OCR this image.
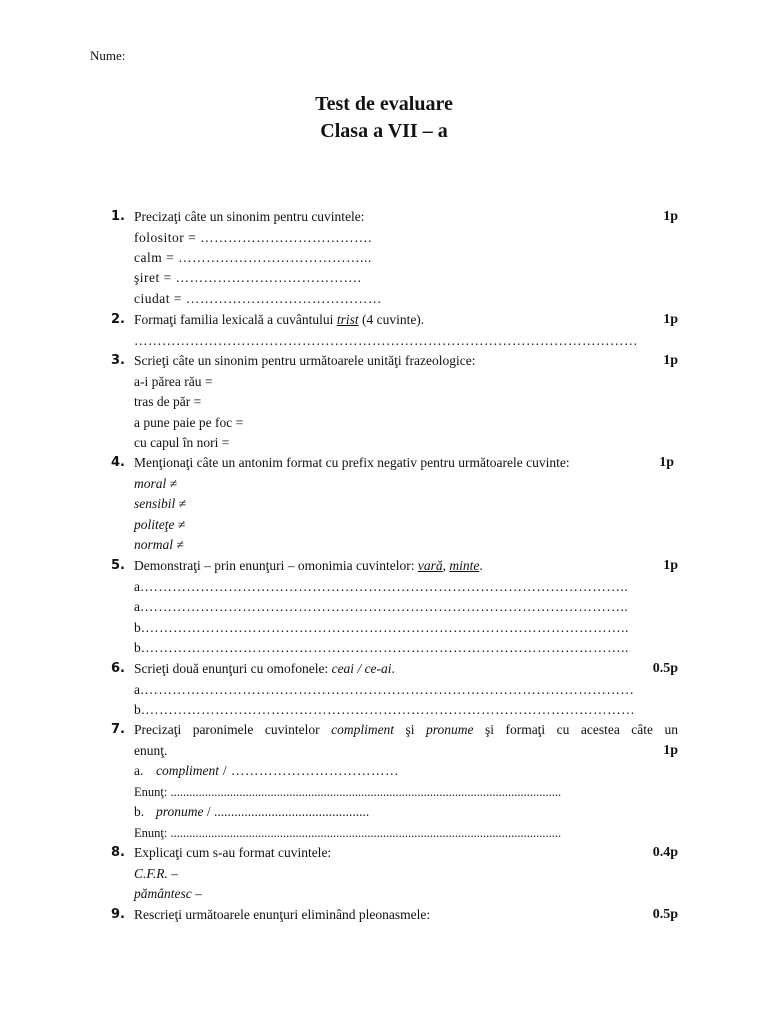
Nume:
Test de evaluare
Clasa a VII – a
1. Precizaţi câte un sinonim pentru cuvintele:	1p
folositor = ……………………………….
calm = …………………………………...
şiret = ………………………………….
ciudat = ……………………………………
2. Formaţi familia lexicală a cuvântului trist (4 cuvinte).	1p
………………………………………………………………………………………………
3. Scrieţi câte un sinonim pentru următoarele unităţi frazeologice:	1p
a-i părea rău =
tras de păr =
a pune paie pe foc =
cu capul în nori =
4. Menţionaţi câte un antonim format cu prefix negativ pentru următoarele cuvinte:	1p
moral ≠
sensibil ≠
politeţe ≠
normal ≠
5. Demonstraţi – prin enunţuri – omonimia cuvintelor: vară, minte.	1p
a.…………………………………………………………………………………………..
a.…………………………………………………………………………………………..
b.…………………………………………………………………………………………..
b.…………………………………………………………………………………………..
6. Scrieţi două enunţuri cu omofonele: ceai / ce-ai.	0.5p
a.……………………………………………………………………………………………
b.……………………………………………………………………………………………
7. Precizaţi paronimele cuvintelor compliment şi pronume şi formaţi cu acestea câte un
enunţ.	1p
a. compliment / ………………………………
Enunţ: .............................................................................................................................
b. pronume / ..............................................
Enunţ: .............................................................................................................................
8. Explicaţi cum s-au format cuvintele:	0.4p
C.F.R. –
pământesc –
9. Rescrieţi următoarele enunţuri eliminând pleonasmele:	0.5p
